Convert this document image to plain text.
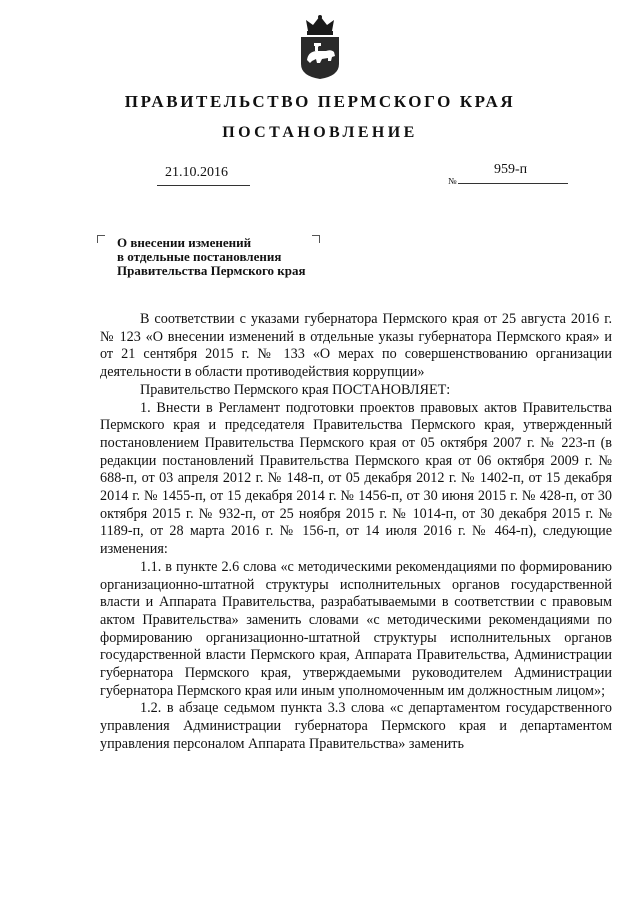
ПРАВИТЕЛЬСТВО ПЕРМСКОГО КРАЯ
ПОСТАНОВЛЕНИЕ
21.10.2016
№
959-п
О внесении изменений
в отдельные постановления
Правительства Пермского края

В соответствии с указами губернатора Пермского края от 25 августа 2016 г. № 123 «О внесении изменений в отдельные указы губернатора Пермского края» и от 21 сентября 2015 г. № 133 «О мерах по совершенствованию организации деятельности в области противодействия коррупции»

Правительство Пермского края ПОСТАНОВЛЯЕТ:

1. Внести в Регламент подготовки проектов правовых актов Правительства Пермского края и председателя Правительства Пермского края, утвержденный постановлением Правительства Пермского края от 05 октября 2007 г. № 223-п (в редакции постановлений Правительства Пермского края от 06 октября 2009 г. № 688-п, от 03 апреля 2012 г. № 148-п, от 05 декабря 2012 г. № 1402-п, от 15 декабря 2014 г. № 1455-п, от 15 декабря 2014 г. № 1456-п, от 30 июня 2015 г. № 428-п, от 30 октября 2015 г. № 932-п, от 25 ноября 2015 г. № 1014-п, от 30 декабря 2015 г. № 1189-п, от 28 марта 2016 г. № 156-п, от 14 июля 2016 г. № 464-п), следующие изменения:

1.1. в пункте 2.6 слова «с методическими рекомендациями по формированию организационно-штатной структуры исполнительных органов государственной власти и Аппарата Правительства, разрабатываемыми в соответствии с правовым актом Правительства» заменить словами «с методическими рекомендациями по формированию организационно-штатной структуры исполнительных органов государственной власти Пермского края, Аппарата Правительства, Администрации губернатора Пермского края, утверждаемыми руководителем Администрации губернатора Пермского края или иным уполномоченным им должностным лицом»;

1.2. в абзаце седьмом пункта 3.3 слова «с департаментом государственного управления Администрации губернатора Пермского края и департаментом управления персоналом Аппарата Правительства» заменить
